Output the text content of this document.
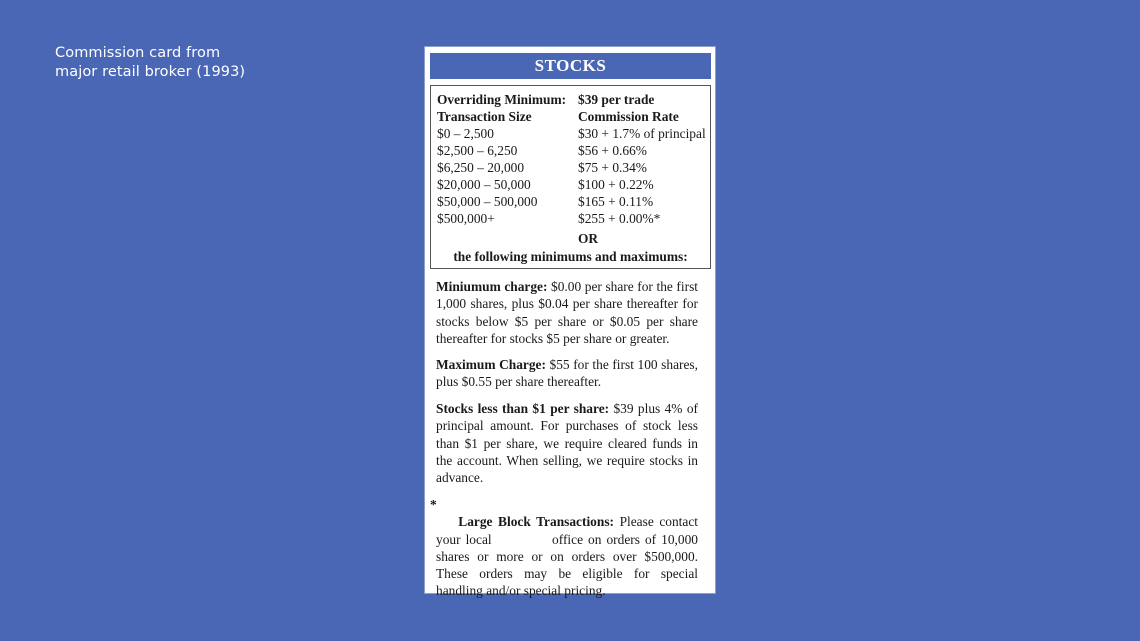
Commission card from
major retail broker (1993)	STOCKS
Overriding Minimum: $39 per trade
Transaction Size	Commission Rate
$0 – 2,500	$30 + 1.7% of principal
$2,500 – 6,250	$56 + 0.66%
$6,250 – 20,000	$75 + 0.34%
$20,000 – 50,000	$100 + 0.22%
$50,000 – 500,000	$165 + 0.11%
$500,000+	$255 + 0.00%*
OR
the following minimums and maximums:
Miniumum charge: $0.00 per share for the first 1,000 shares, plus $0.04 per share thereafter for stocks below $5 per share or $0.05 per share thereafter for stocks $5 per share or greater.
Maximum Charge: $55 for the first 100 shares, plus $0.55 per share thereafter.
Stocks less than $1 per share: $39 plus 4% of principal amount. For purchases of stock less than $1 per share, we require cleared funds in the account. When selling, we require stocks in advance.
*

Large Block Transactions: Please contact your local            office on orders of 10,000 shares or more or on orders over $500,000. These orders may be eligible for special handling and/or special pricing.
